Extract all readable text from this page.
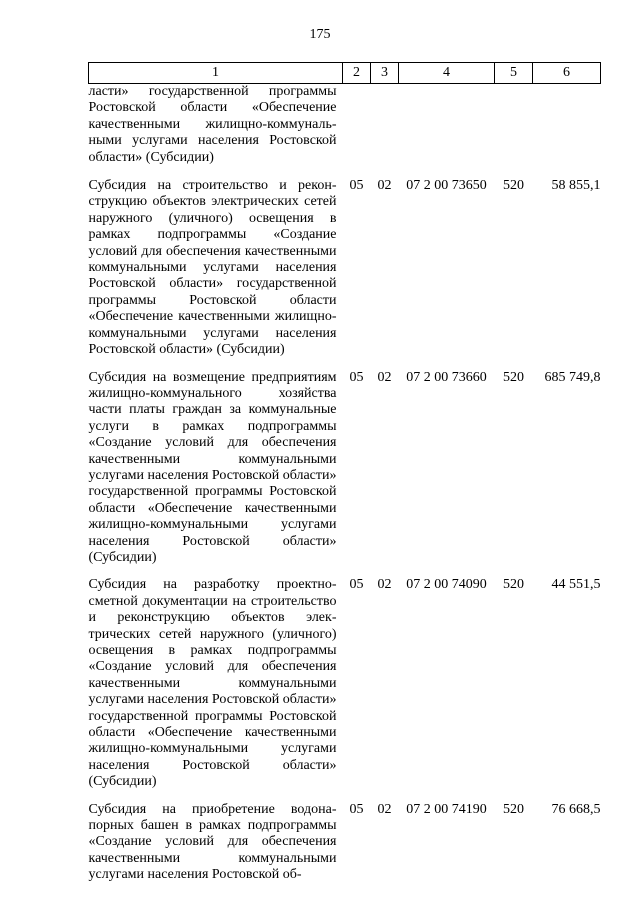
175
1	2	3	4	5	6
ласти» государственной программы Ростовской области «Обеспечение качественными жилищно-коммунальными услугами населения Ростовской области» (Субсидии)					
Субсидия на строительство и реконструкцию объектов электрических сетей наружного (уличного) освещения в рамках подпрограммы «Создание условий для обеспечения качественными коммунальными услугами населения Ростовской области» государственной программы Ростовской области «Обеспечение качественными жилищно-коммунальными услугами населения Ростовской области» (Субсидии)	05	02	07 2 00 73650	520	58 855,1
Субсидия на возмещение предприятиям жилищно-коммунального хозяйства части платы граждан за коммунальные услуги в рамках подпрограммы «Создание условий для обеспечения качественными коммунальными услугами населения Ростовской области» государственной программы Ростовской области «Обеспечение качественными жилищно-коммунальными услугами населения Ростовской области» (Субсидии)	05	02	07 2 00 73660	520	685 749,8
Субсидия на разработку проектно-сметной документации на строительство и реконструкцию объектов электрических сетей наружного (уличного) освещения в рамках подпрограммы «Создание условий для обеспечения качественными коммунальными услугами населения Ростовской области» государственной программы Ростовской области «Обеспечение качественными жилищно-коммунальными услугами населения Ростовской области» (Субсидии)	05	02	07 2 00 74090	520	44 551,5
Субсидия на приобретение водонапорных башен в рамках подпрограммы «Создание условий для обеспечения качественными коммунальными услугами населения Ростовской об-	05	02	07 2 00 74190	520	76 668,5
